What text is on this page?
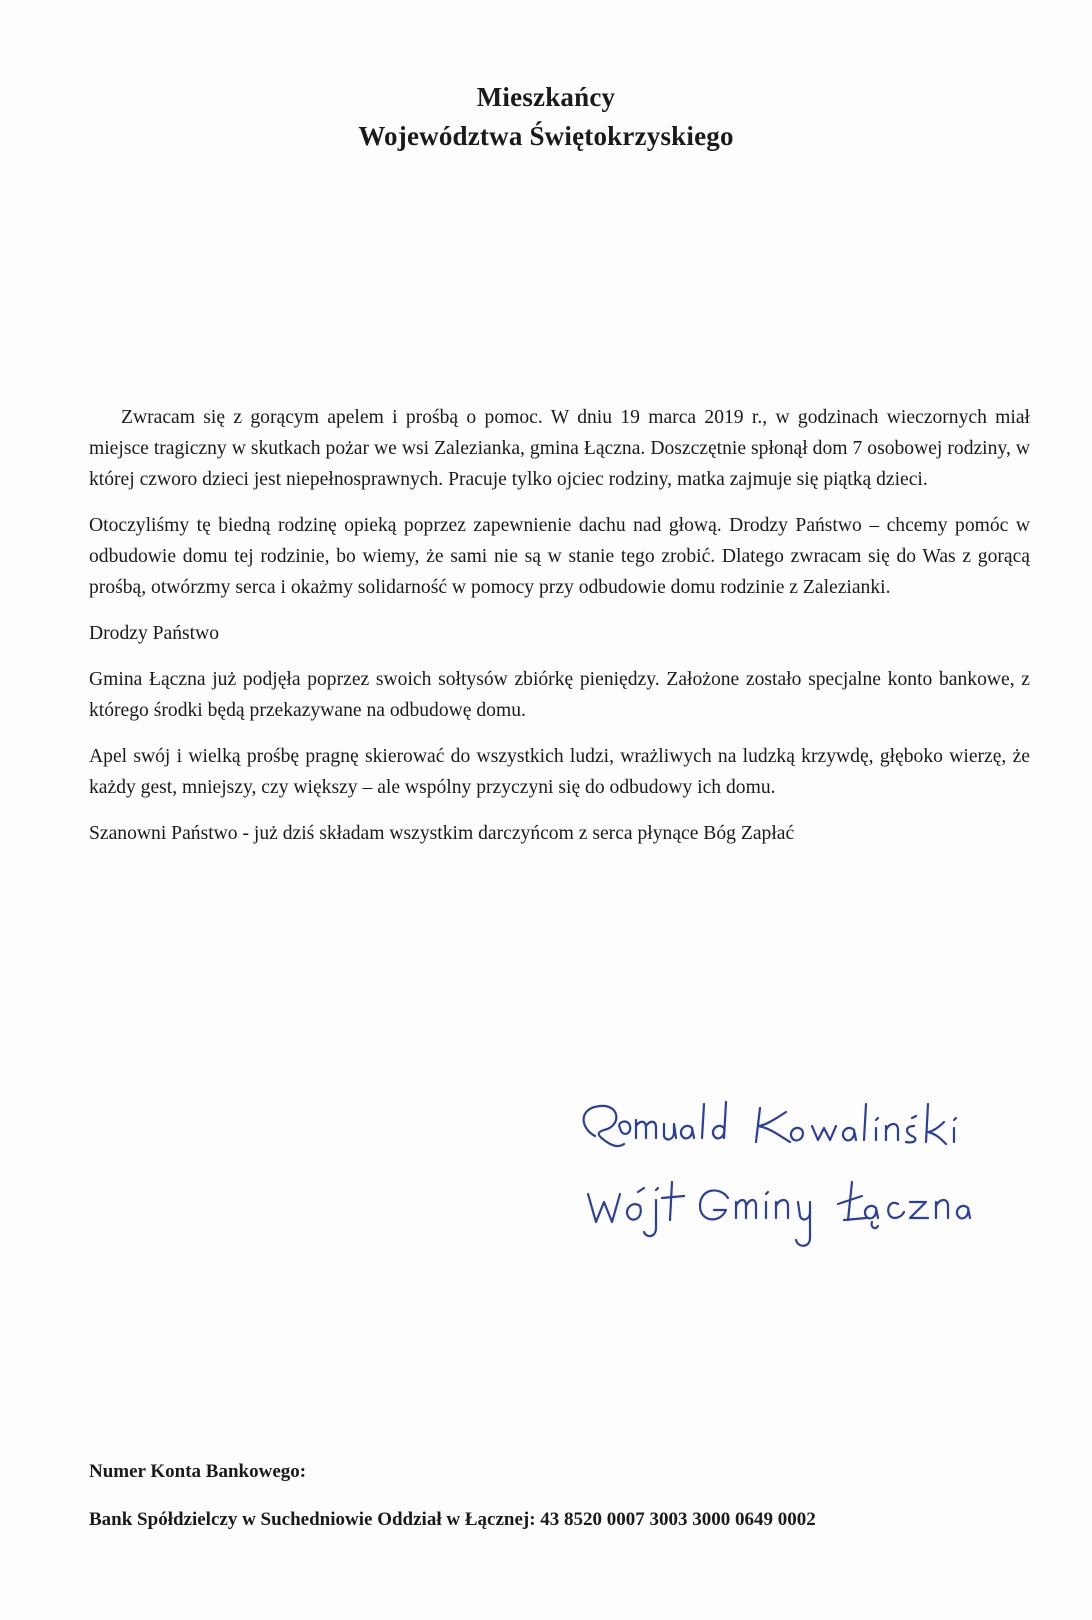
Mieszkańcy
Województwa Świętokrzyskiego

Zwracam się z gorącym apelem i prośbą o pomoc. W dniu 19 marca 2019 r., w godzinach wieczornych miał miejsce tragiczny w skutkach pożar we wsi Zalezianka, gmina Łączna. Doszczętnie spłonął dom 7 osobowej rodziny, w której czworo dzieci jest niepełnosprawnych. Pracuje tylko ojciec rodziny, matka zajmuje się piątką dzieci.

Otoczyliśmy tę biedną rodzinę opieką poprzez zapewnienie dachu nad głową. Drodzy Państwo – chcemy pomóc w odbudowie domu tej rodzinie, bo wiemy, że sami nie są w stanie tego zrobić. Dlatego zwracam się do Was z gorącą prośbą, otwórzmy serca i okażmy solidarność w pomocy przy odbudowie domu rodzinie z Zalezianki.

Drodzy Państwo

Gmina Łączna już podjęła poprzez swoich sołtysów zbiórkę pieniędzy. Założone zostało specjalne konto bankowe, z którego środki będą przekazywane na odbudowę domu.

Apel swój i wielką prośbę pragnę skierować do wszystkich ludzi, wrażliwych na ludzką krzywdę, głęboko wierzę, że każdy gest, mniejszy, czy większy – ale wspólny przyczyni się do odbudowy ich domu.

Szanowni Państwo - już dziś składam wszystkim darczyńcom z serca płynące Bóg Zapłać

Numer Konta Bankowego:
Bank Spółdzielczy w Suchedniowie Oddział w Łącznej: 43 8520 0007 3003 3000 0649 0002
